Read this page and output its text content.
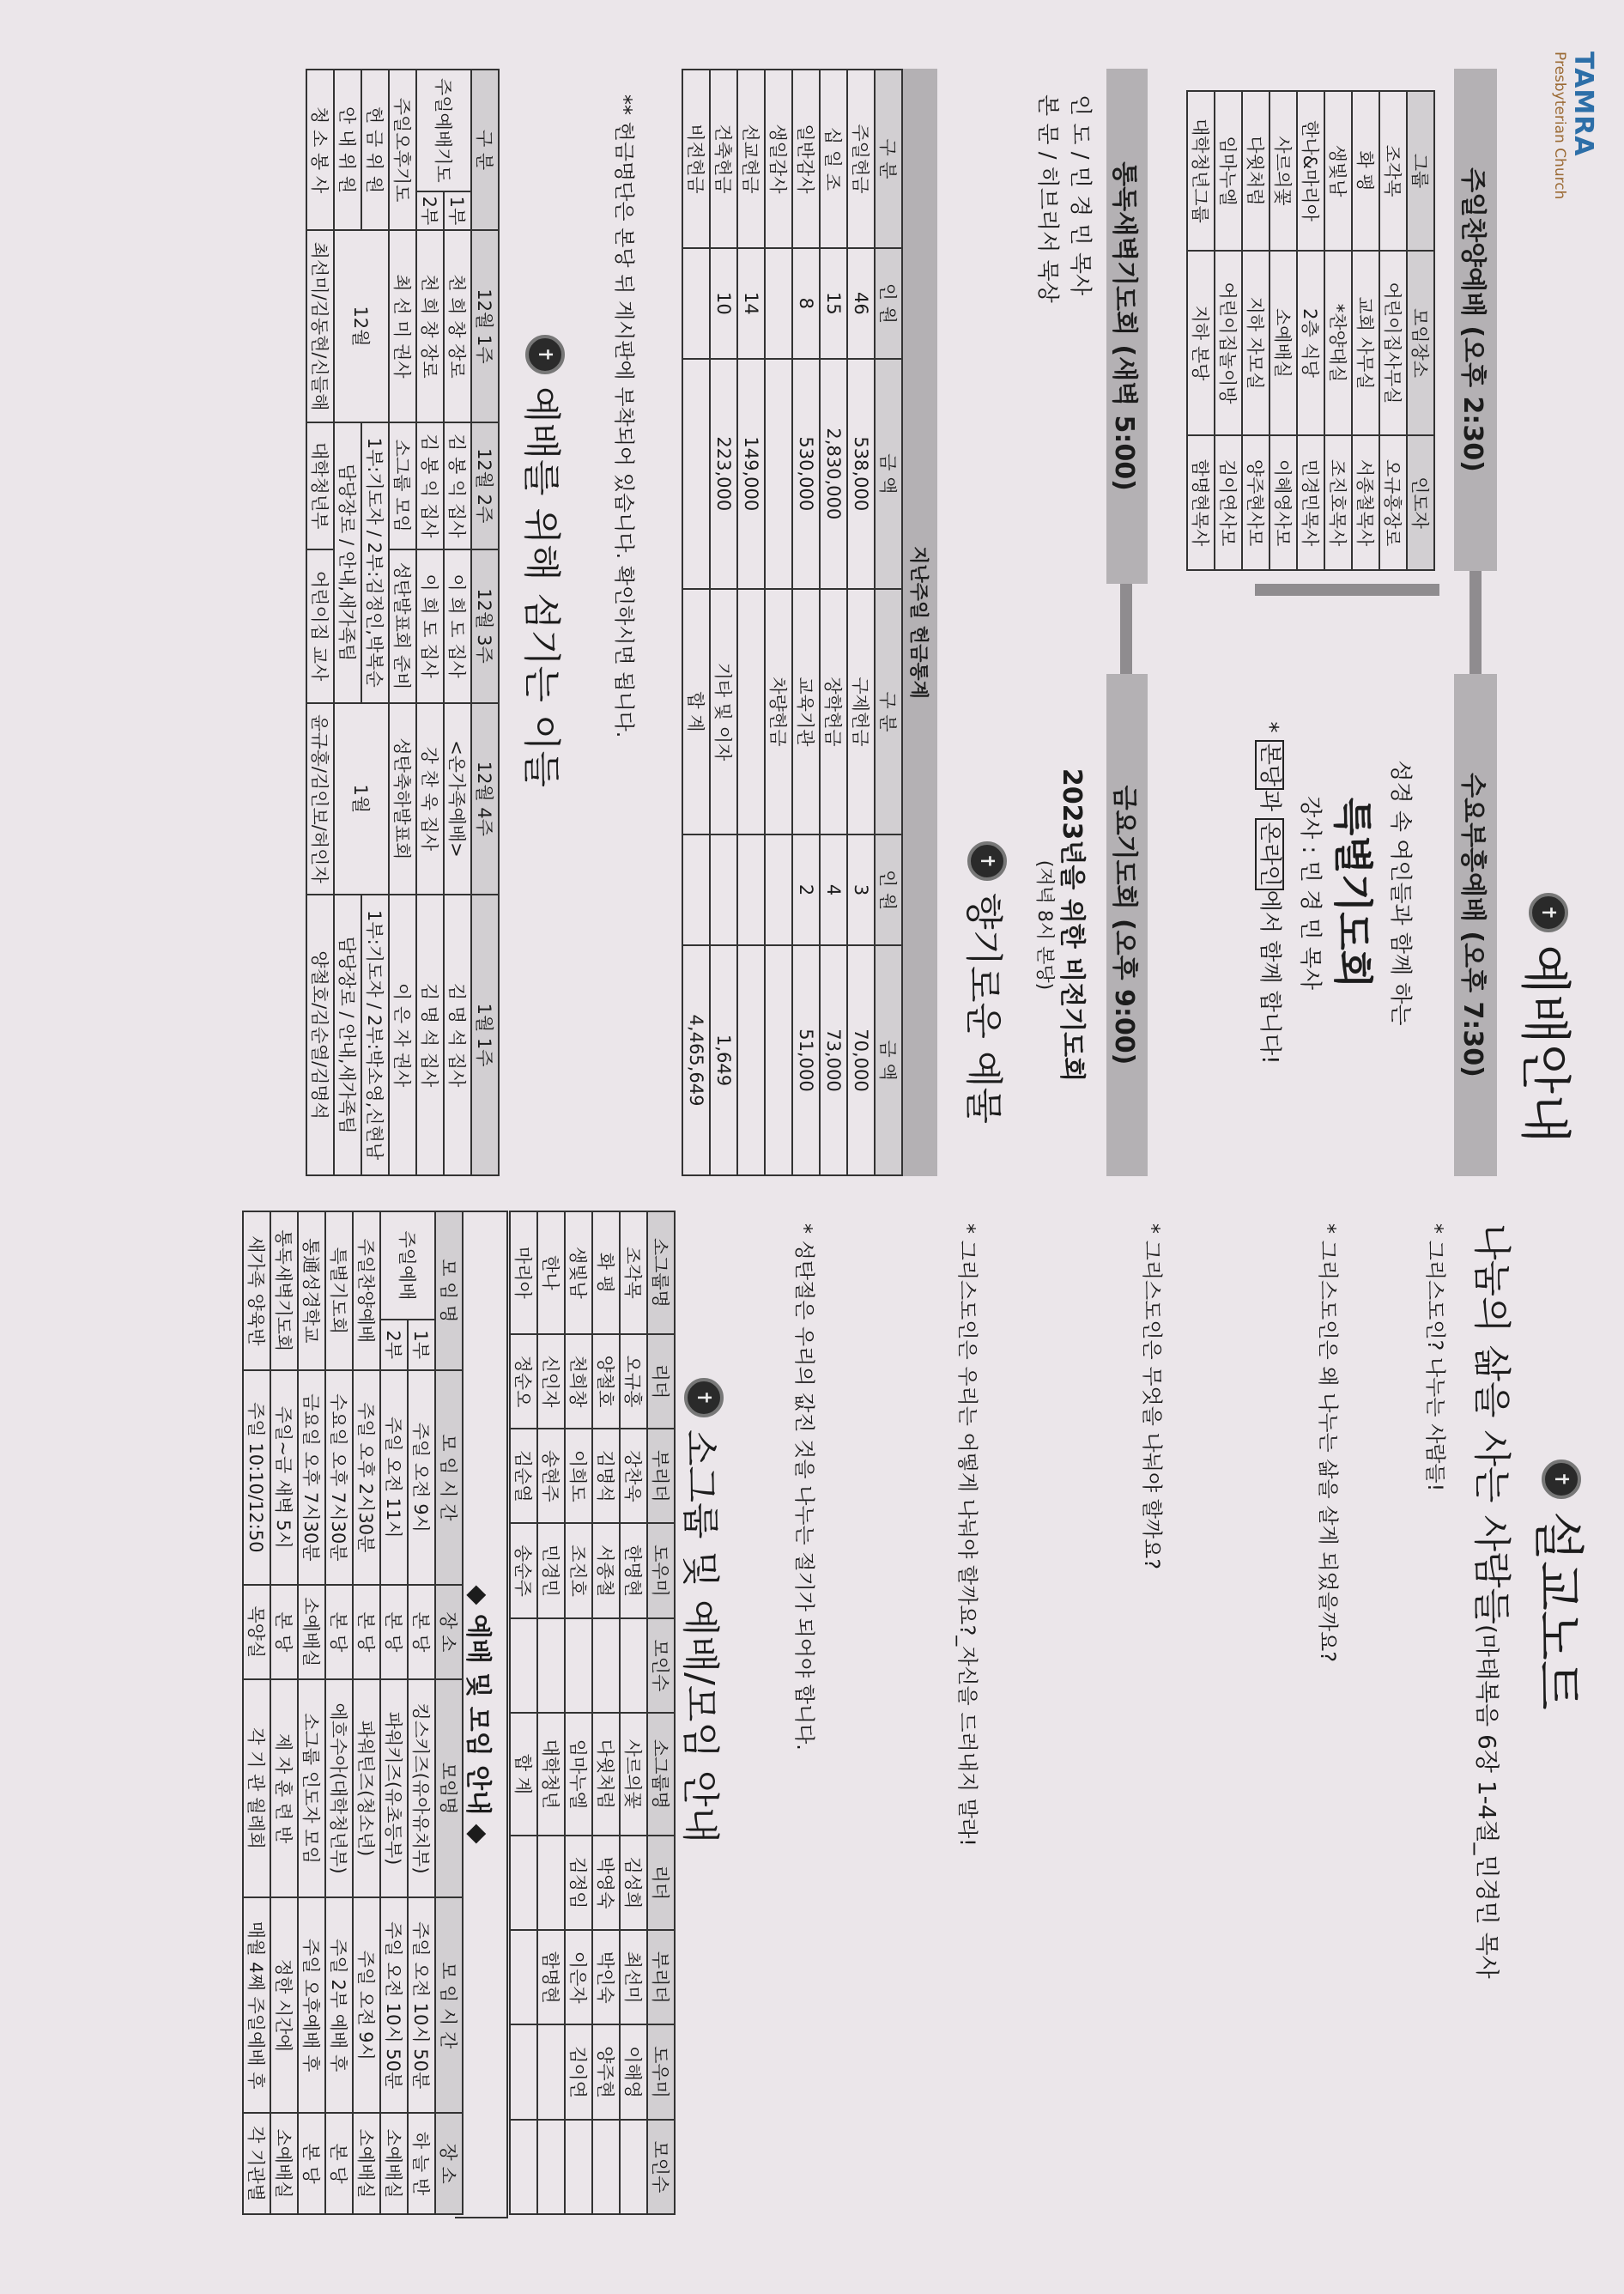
TAMRA
Presbyterian Church
✝
예배안내
주일찬양예배 (오후 2:30)
수요부흥예배 (오후 7:30)
그룹	모임장소	인도자
조각목	어린이집사무실	오규홍장로
화 평	교회 사무실	서종철목사
생빛남	*찬양대실	조진호목사
한나&마리아	2층 식당	민경민목사
사르의꽃	소예배실	이혜영사모
다윗처럼	지하 자모실	양주현사모
임마누엘	어린이집놀이방	김이연사모
대학청년그룹	지하 본당	함명현목사
성경 속 여인들과 함께 하는
특별기도회
강사 : 민 경 민 목사
* 본당과 온라인에서 함께 합니다!
통독새벽기도회 (새벽 5:00)
금요기도회 (오후 9:00)
인 도 / 민 경 민 목사
본 문 / 히브리서 묵상
2023년을 위한 비전기도회
(저녁 8시 본당)
✝
향기로운 예물
지난주일 헌금통계
구 분	인 원	금 액	구 분	인 원	금 액
주일헌금	46	538,000	구제헌금	3	70,000
십 일 조	15	2,830,000	장학헌금	4	73,000
일반감사	8	530,000	교육기관	2	51,000
생일감사			차량헌금		
선교헌금	14	149,000			
건축헌금	10	223,000	기타 및 이자		1,649
비전헌금			합 계		4,465,649
** 헌금명단은 본당 뒤 게시판에 부착되어 있습니다. 확인하시면 됩니다.
✝
예배를 위해 섬기는 이들
구 분		12월 1주	12월 2주	12월 3주	12월 4주	1월 1주
주일예배기도	1부	천 희 창 장로	김 봉 익 집사	이 희 도 집사	<온가족예배>	김 명 석 집사
	2부	천 희 창 장로	김 봉 익 집사	이 희 도 집사	강 찬 욱 집사	김 명 석 집사
주일오후기도		최 선 미 권사	소그룹 모임	성탄발표회 준비	성탄축하발표회	이 은 자 권사
헌 금 위 원		12월	1부:기도자 / 2부:김정인,박복순		1월	1부:기도자 / 2부:박소영,신현남
안 내 위 원			담당장로 / 안내,새가족팀			담당장로 / 안내,새가족팀
청 소 봉 사		최선미/김동현/신들해	대학청년부	어린이집 교사	윤규홍/김인보/허인자	양철호/김순열/김명석
✝
설교노트
나눔의 삶을 사는 사람들(마태복음 6장 1-4절_민경민 목사
* 그리스도인? 나누는 사람들!
* 그리스도인은 왜 나누는 삶을 살게 되었을까요?
* 그리스도인은 무엇을 나눠야 할까요?
* 그리스도인은 우리는 어떻게 나눠야 할까요?_자신을 드러내지 말라!
* 성탄절은 우리의 값진 것을 나누는 절기가 되어야 합니다.
✝
소그룹 및 예배/모임 안내
소그룹명	리더	부리더	도우미	모인수	소그룹명	리더	부리더	도우미	모인수
조각목	오규홍	강찬욱	한명현		사르의꽃	김성희	최선미	이해영	
화 평	양철호	김명석	서종철		다윗처럼	박영숙	박인숙	양주현	
생빛남	천희창	이희도	조진호		임마누엘	김정임	이은자	김이연	
한나	신인자	송현주	민경민		대학청년		함명현		
마리아	정순오	김순열	송순주		합 계				
◆ 예배 및 모임 안내 ◆
모 임 명		모 임 시 간	장 소	모임명	모 임 시 간	장 소
주일예배	1부	주일 오전 9시	본 당	킹스키즈(유아유치부)	주일 오전 10시 50분	하 늘 반
	2부	주일 오전 11시	본 당	파워키즈(유초등부)	주일 오전 10시 50분	소예배실
주일찬양예배		주일 오후 2시30분	본 당	파워틴즈(청소년)	주일 오전 9시	소예배실
특별기도회		수요일 오후 7시30분	본 당	에흐수아(대학청년부)	주일 2부 예배 후	본 당
통通성경학교		금요일 오후 7시30분	소예배실	소그룹 인도자 모임	주일 오후예배 후	본 당
통독새벽기도회		주일~금 새벽 5시	본 당	제 자 훈 련 반	정한 시간에	소예배실
새가족 양육반		주일 10:10/12:50	목양실	각 기 관 월례회	매월 4째 주일예배 후	각 기관별
